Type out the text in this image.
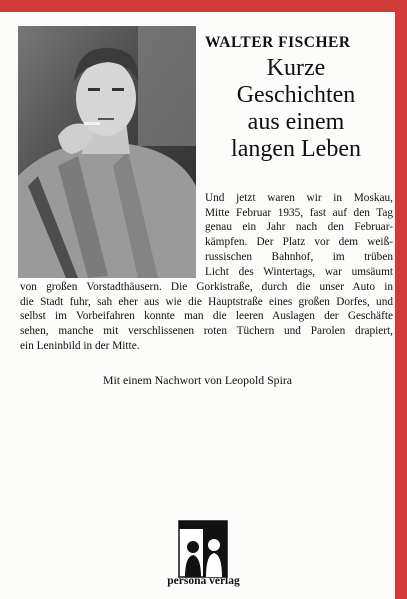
WALTER FISCHER
Kurze
Geschichten
aus einem
langen Leben
Und jetzt waren wir in Moskau,
Mitte Februar 1935, fast auf den Tag
genau ein Jahr nach den Februar-
kämpfen. Der Platz vor dem weiß-
russischen Bahnhof, im trüben
Licht des Wintertags, war umsäumt
von großen Vorstadthäusern. Die Gorkistraße, durch die unser Auto in
die Stadt fuhr, sah eher aus wie die Hauptstraße eines großen Dorfes, und
selbst im Vorbeifahren konnte man die leeren Auslagen der Geschäfte
sehen, manche mit verschlissenen roten Tüchern und Parolen drapiert,
ein Leninbild in der Mitte.
Mit einem Nachwort von Leopold Spira
persona verlag
